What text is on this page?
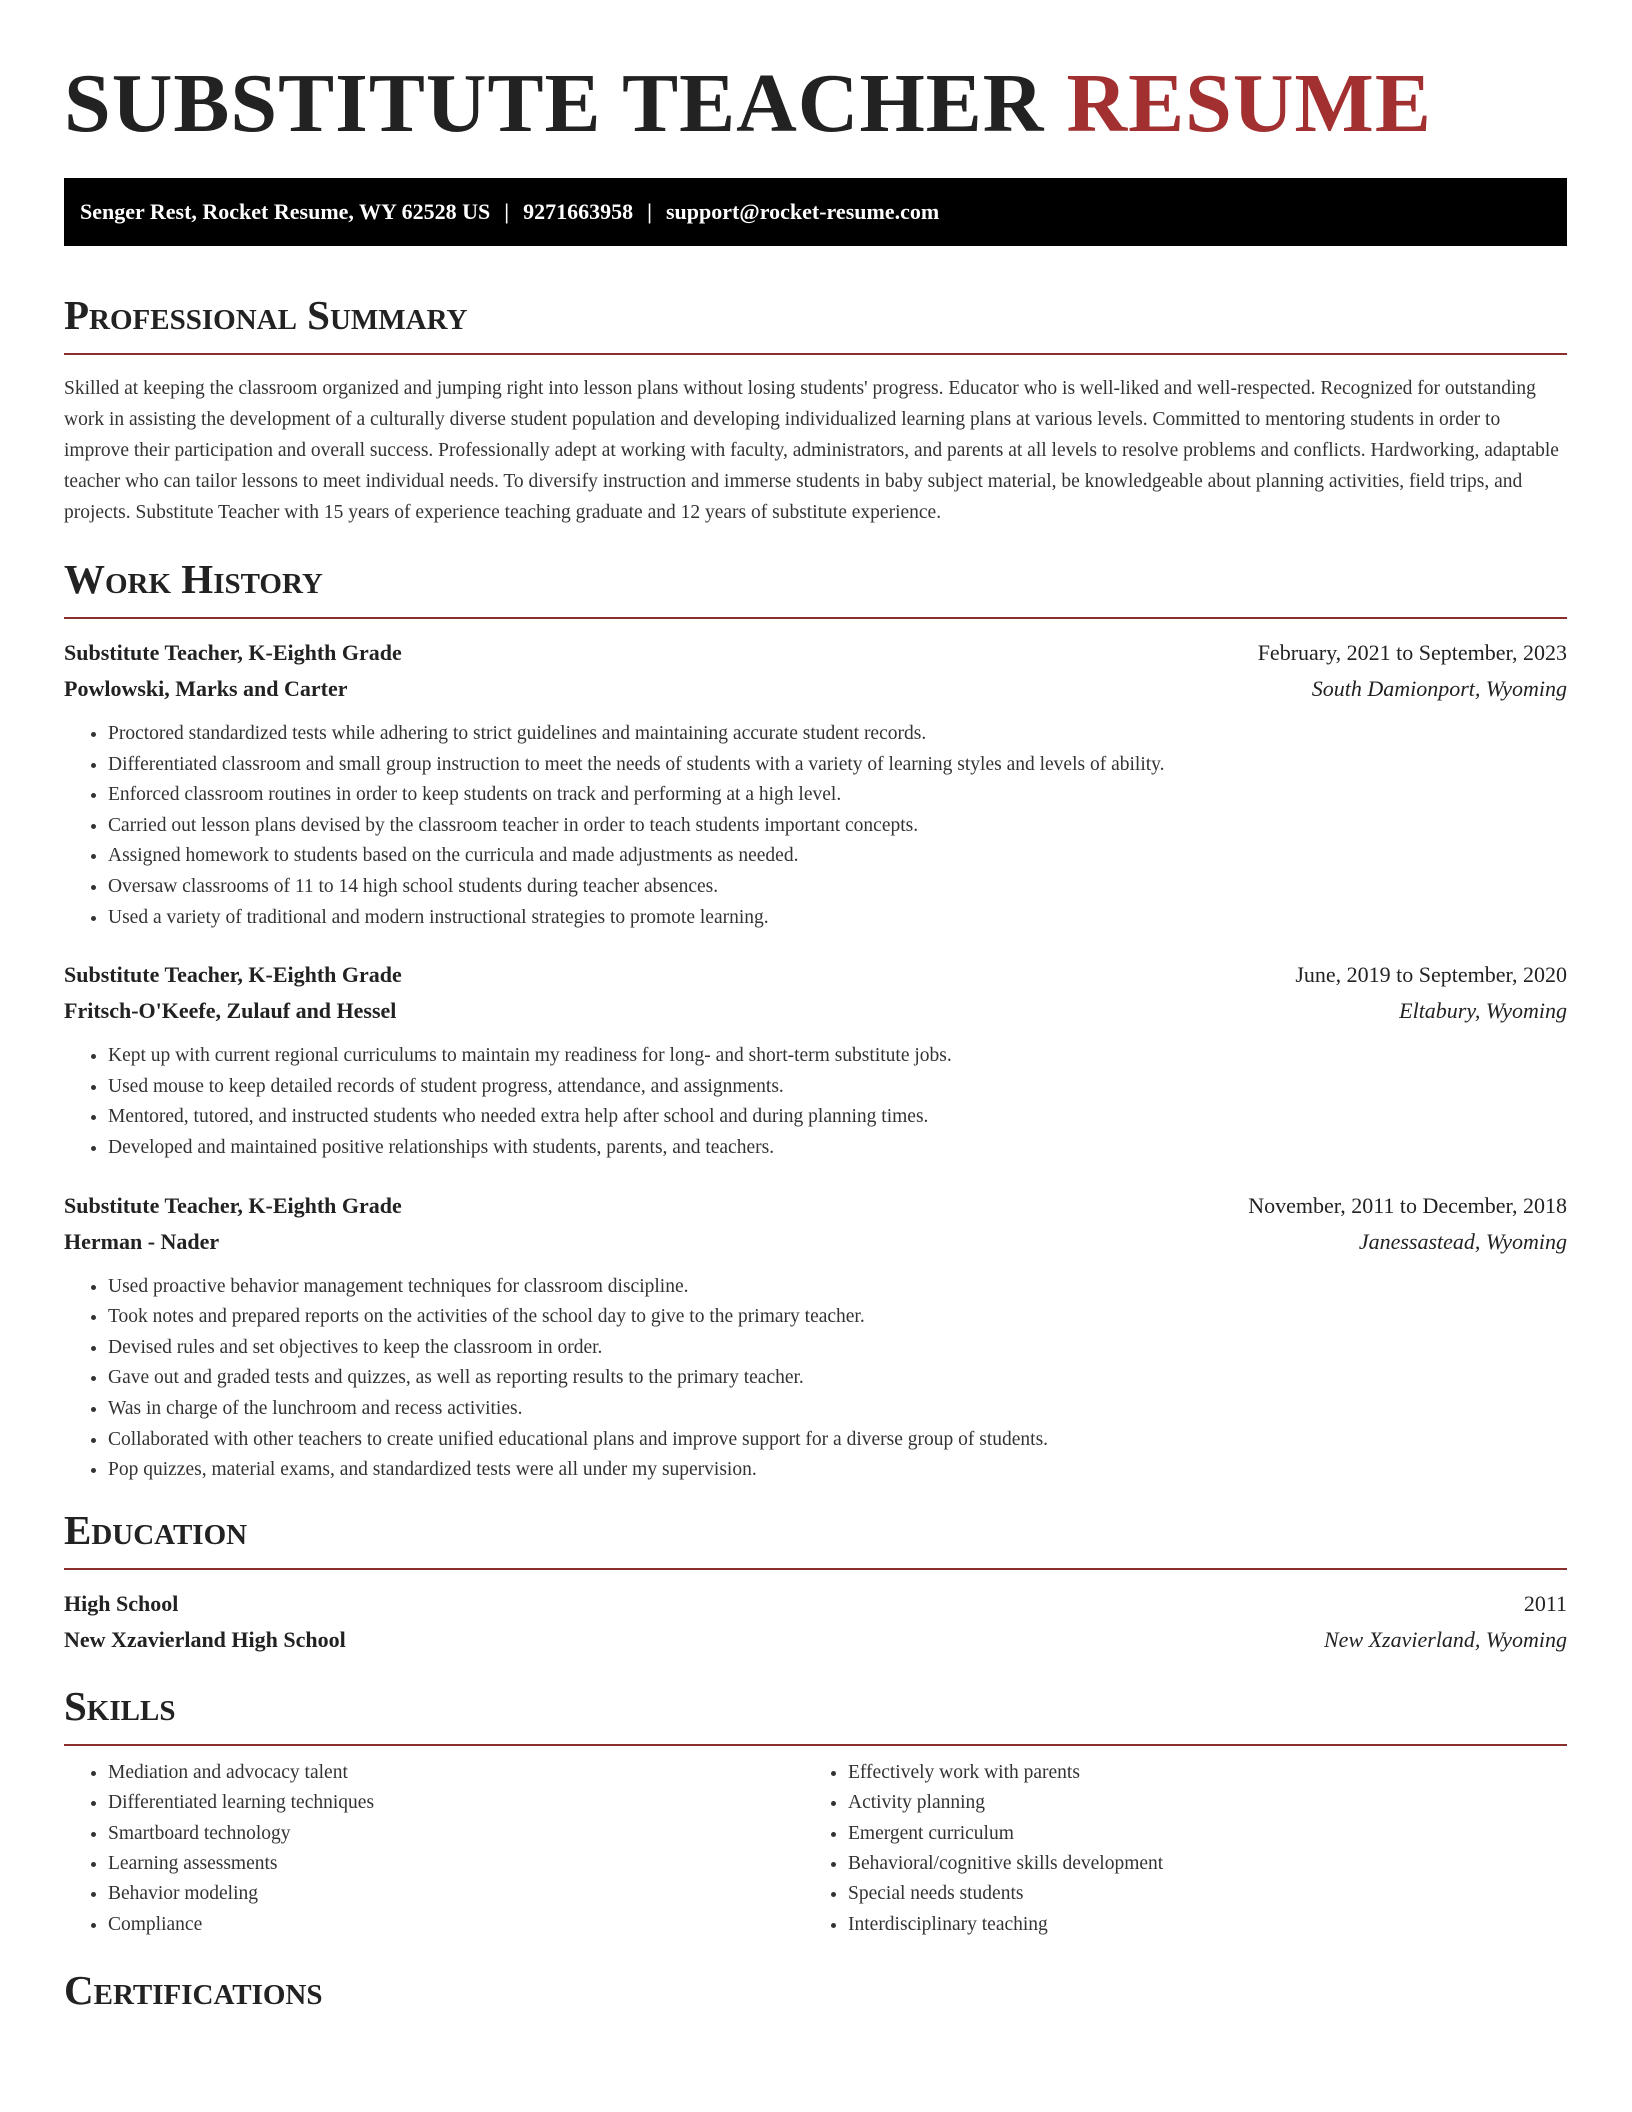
SUBSTITUTE TEACHER RESUME
Senger Rest, Rocket Resume, WY 62528 US | 9271663958 | support@rocket-resume.com
Professional Summary

Skilled at keeping the classroom organized and jumping right into lesson plans without losing students' progress. Educator who is well-liked and well-respected. Recognized for outstanding work in assisting the development of a culturally diverse student population and developing individualized learning plans at various levels. Committed to mentoring students in order to improve their participation and overall success. Professionally adept at working with faculty, administrators, and parents at all levels to resolve problems and conflicts. Hardworking, adaptable teacher who can tailor lessons to meet individual needs. To diversify instruction and immerse students in baby subject material, be knowledgeable about planning activities, field trips, and projects. Substitute Teacher with 15 years of experience teaching graduate and 12 years of substitute experience.

Work History
Substitute Teacher, K-Eighth Grade	February, 2021 to September, 2023
Powlowski, Marks and Carter	South Damionport, Wyoming
• Proctored standardized tests while adhering to strict guidelines and maintaining accurate student records.
• Differentiated classroom and small group instruction to meet the needs of students with a variety of learning styles and levels of ability.
• Enforced classroom routines in order to keep students on track and performing at a high level.
• Carried out lesson plans devised by the classroom teacher in order to teach students important concepts.
• Assigned homework to students based on the curricula and made adjustments as needed.
• Oversaw classrooms of 11 to 14 high school students during teacher absences.
• Used a variety of traditional and modern instructional strategies to promote learning.
Substitute Teacher, K-Eighth Grade	June, 2019 to September, 2020
Fritsch-O'Keefe, Zulauf and Hessel	Eltabury, Wyoming
• Kept up with current regional curriculums to maintain my readiness for long- and short-term substitute jobs.
• Used mouse to keep detailed records of student progress, attendance, and assignments.
• Mentored, tutored, and instructed students who needed extra help after school and during planning times.
• Developed and maintained positive relationships with students, parents, and teachers.
Substitute Teacher, K-Eighth Grade	November, 2011 to December, 2018
Herman - Nader	Janessastead, Wyoming
• Used proactive behavior management techniques for classroom discipline.
• Took notes and prepared reports on the activities of the school day to give to the primary teacher.
• Devised rules and set objectives to keep the classroom in order.
• Gave out and graded tests and quizzes, as well as reporting results to the primary teacher.
• Was in charge of the lunchroom and recess activities.
• Collaborated with other teachers to create unified educational plans and improve support for a diverse group of students.
• Pop quizzes, material exams, and standardized tests were all under my supervision.
Education
High School	2011
New Xzavierland High School	New Xzavierland, Wyoming
Skills
• Mediation and advocacy talent
• Differentiated learning techniques
• Smartboard technology
• Learning assessments
• Behavior modeling
• Compliance
• Effectively work with parents
• Activity planning
• Emergent curriculum
• Behavioral/cognitive skills development
• Special needs students
• Interdisciplinary teaching
Certifications
